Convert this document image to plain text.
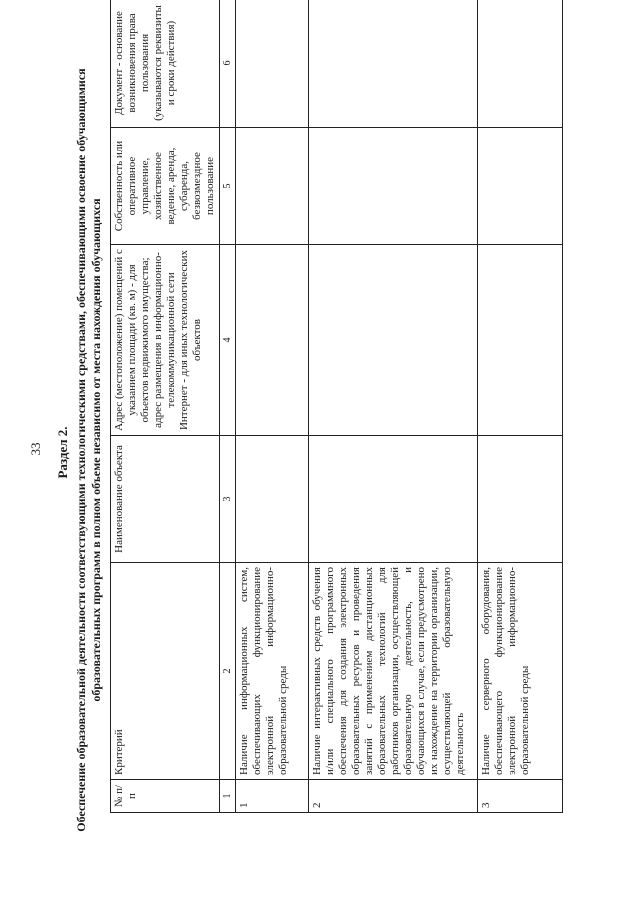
33 Раздел 2. Обеспечение образовательной деятельности соответствующими технологическими средствами, обеспечивающими освоение обучающимися образовательных программ в полном объеме независимо от места нахождения обучающихся
№ п/п	Критерий	Наименование объекта	Адрес (местоположение) помещений с указанием площади (кв. м) - для объектов недвижимого имущества; адрес размещения в информационно-телекоммуникационной сети Интернет - для иных технологических объектов	Собственность или оперативное управление, хозяйственное ведение, аренда, субаренда, безвозмездное пользование	Документ - основание возникновения права пользования (указываются реквизиты и сроки действия)
1	2	3	4	5	6
1	Наличие информационных систем, обеспечивающих функционирование электронной информационно-образовательной среды				
2	Наличие интерактивных средств обучения и/или специального программного обеспечения для создания электронных образовательных ресурсов и проведения занятий с применением дистанционных образовательных технологий для работников организации, осуществляющей образовательную деятельность, и обучающихся в случае, если предусмотрено их нахождение на территории организации, осуществляющей образовательную деятельность				
3	Наличие серверного оборудования, обеспечивающего функционирование электронной информационно-образовательной среды				
